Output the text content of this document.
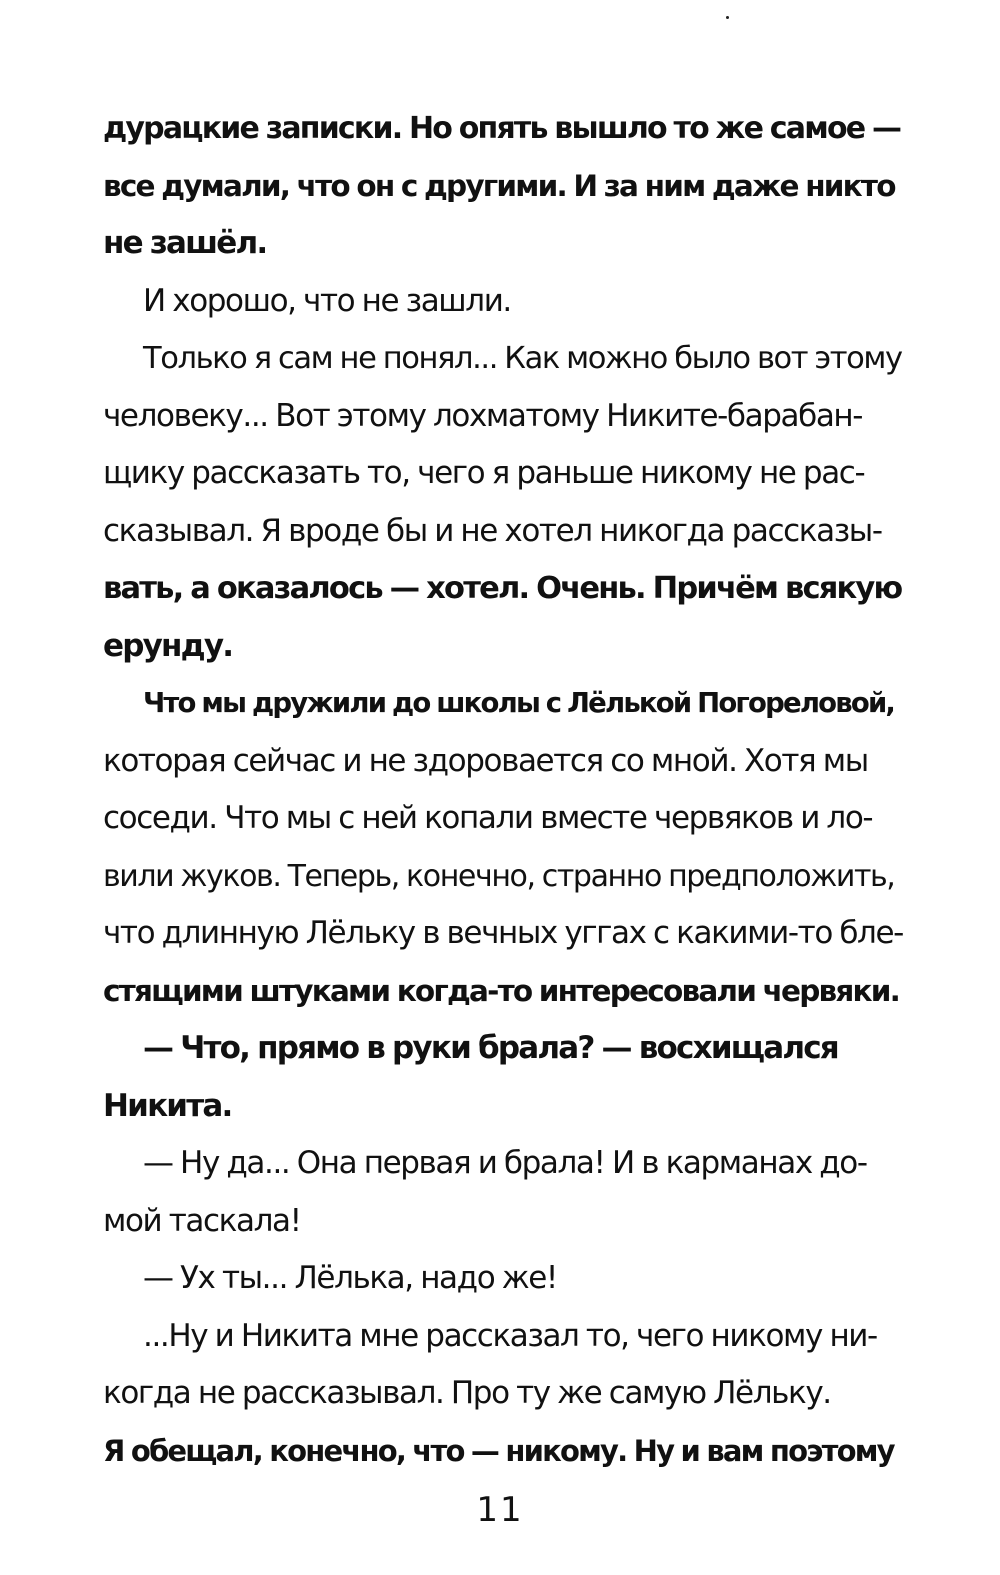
дурацкие записки. Но опять вышло то же самое —
все думали, что он с другими. И за ним даже никто
не зашёл.
И хорошо, что не зашли.
Только я сам не понял... Как можно было вот этому
человеку... Вот этому лохматому Никите-барабан-
щику рассказать то, чего я раньше никому не рас-
сказывал. Я вроде бы и не хотел никогда рассказы-
вать, а оказалось — хотел. Очень. Причём всякую
ерунду.
Что мы дружили до школы с Лёлькой Погореловой,
которая сейчас и не здоровается со мной. Хотя мы
соседи. Что мы с ней копали вместе червяков и ло-
вили жуков. Теперь, конечно, странно предположить,
что длинную Лёльку в вечных уггах с какими-то бле-
стящими штуками когда-то интересовали червяки.
— Что, прямо в руки брала? — восхищался
Никита.
— Ну да... Она первая и брала! И в карманах до-
мой таскала!
— Ух ты... Лёлька, надо же!
...Ну и Никита мне рассказал то, чего никому ни-
когда не рассказывал. Про ту же самую Лёльку.
Я обещал, конечно, что — никому. Ну и вам поэтому
11
